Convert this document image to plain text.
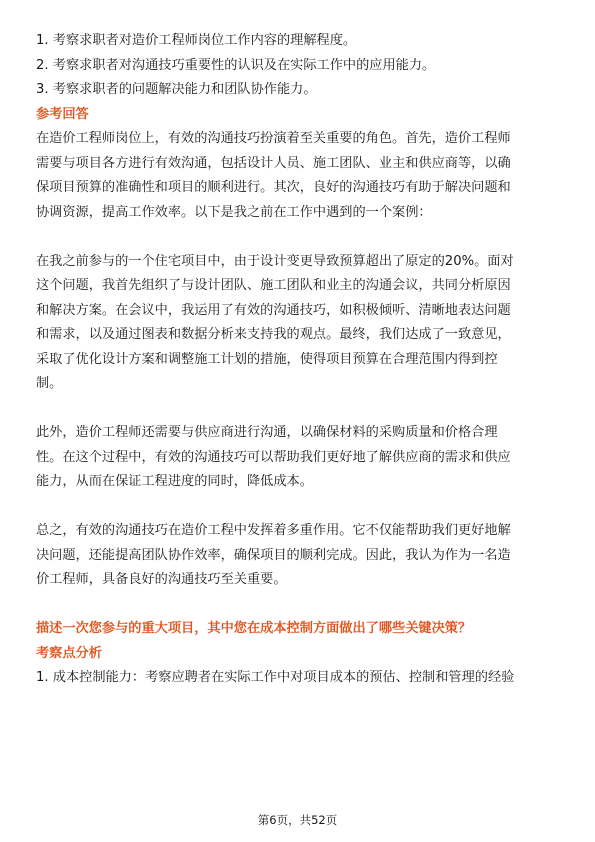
1. 考察求职者对造价工程师岗位工作内容的理解程度。

2. 考察求职者对沟通技巧重要性的认识及在实际工作中的应用能力。

3. 考察求职者的问题解决能力和团队协作能力。

参考回答

在造价工程师岗位上，有效的沟通技巧扮演着至关重要的角色。首先，造价工程师

需要与项目各方进行有效沟通，包括设计人员、施工团队、业主和供应商等，以确

保项目预算的准确性和项目的顺利进行。其次，良好的沟通技巧有助于解决问题和

协调资源，提高工作效率。以下是我之前在工作中遇到的一个案例：

在我之前参与的一个住宅项目中，由于设计变更导致预算超出了原定的20%。面对

这个问题，我首先组织了与设计团队、施工团队和业主的沟通会议，共同分析原因

和解决方案。在会议中，我运用了有效的沟通技巧，如积极倾听、清晰地表达问题

和需求，以及通过图表和数据分析来支持我的观点。最终，我们达成了一致意见，

采取了优化设计方案和调整施工计划的措施，使得项目预算在合理范围内得到控

制。

此外，造价工程师还需要与供应商进行沟通，以确保材料的采购质量和价格合理

性。在这个过程中，有效的沟通技巧可以帮助我们更好地了解供应商的需求和供应

能力，从而在保证工程进度的同时，降低成本。

总之，有效的沟通技巧在造价工程中发挥着多重作用。它不仅能帮助我们更好地解

决问题，还能提高团队协作效率，确保项目的顺利完成。因此，我认为作为一名造

价工程师，具备良好的沟通技巧至关重要。

描述一次您参与的重大项目，其中您在成本控制方面做出了哪些关键决策？

考察点分析

1. 成本控制能力：考察应聘者在实际工作中对项目成本的预估、控制和管理的经验

第6页，共52页
